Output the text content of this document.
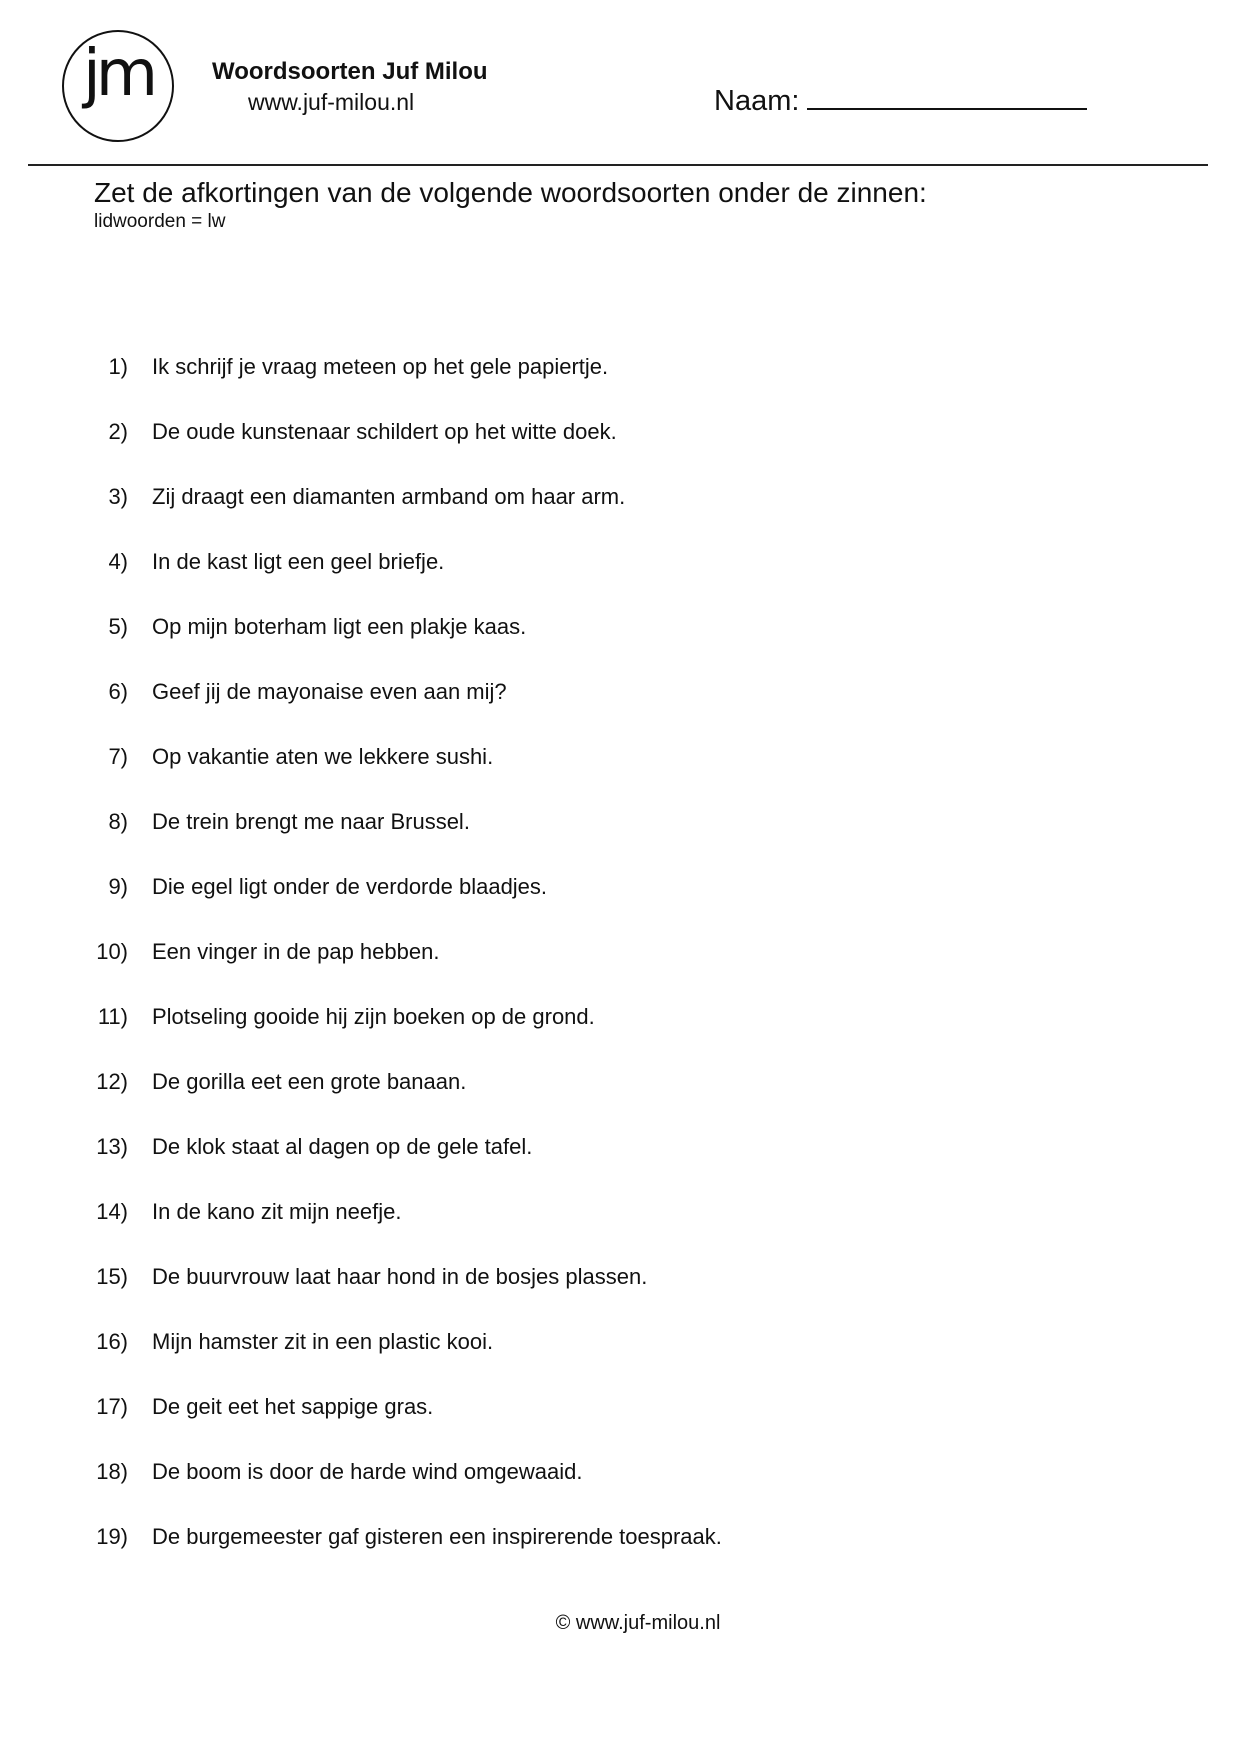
jm	Woordsoorten Juf Milou
www.juf-milou.nl	Naam:
Zet de afkortingen van de volgende woordsoorten onder de zinnen:
lidwoorden = lw
1) Ik schrijf je vraag meteen op het gele papiertje.
2) De oude kunstenaar schildert op het witte doek.
3) Zij draagt een diamanten armband om haar arm.
4) In de kast ligt een geel briefje.
5) Op mijn boterham ligt een plakje kaas.
6) Geef jij de mayonaise even aan mij?
7) Op vakantie aten we lekkere sushi.
8) De trein brengt me naar Brussel.
9) Die egel ligt onder de verdorde blaadjes.
10) Een vinger in de pap hebben.
11) Plotseling gooide hij zijn boeken op de grond.
12) De gorilla eet een grote banaan.
13) De klok staat al dagen op de gele tafel.
14) In de kano zit mijn neefje.
15) De buurvrouw laat haar hond in de bosjes plassen.
16) Mijn hamster zit in een plastic kooi.
17) De geit eet het sappige gras.
18) De boom is door de harde wind omgewaaid.
19) De burgemeester gaf gisteren een inspirerende toespraak.
© www.juf-milou.nl
